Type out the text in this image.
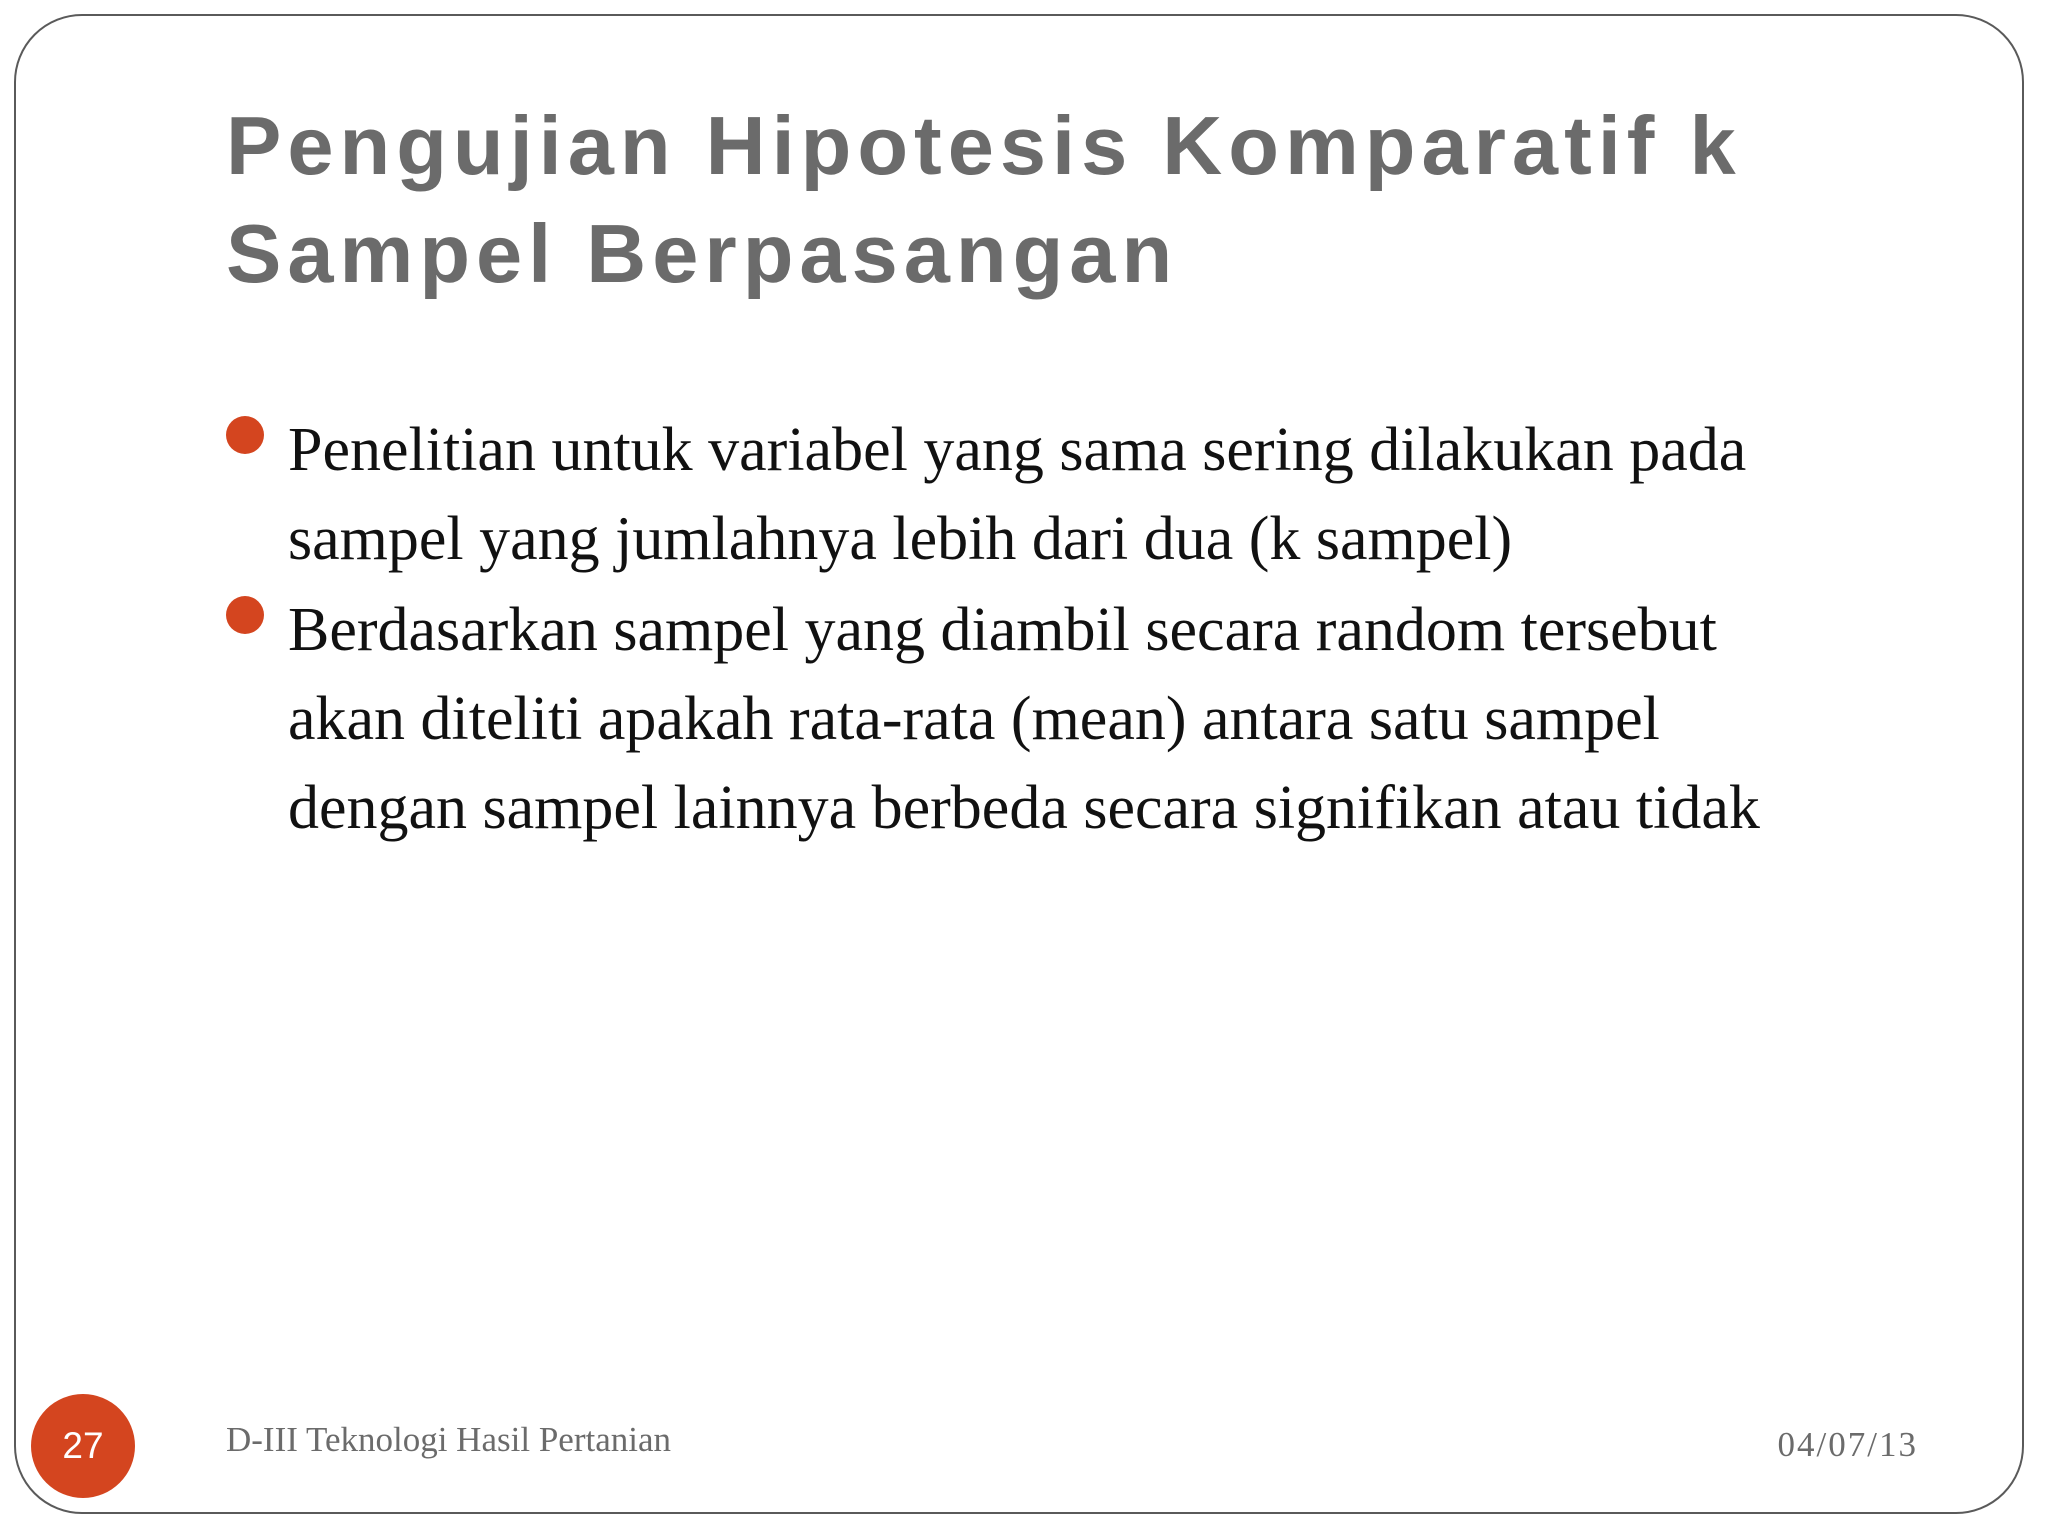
Pengujian Hipotesis Komparatif k
Sampel Berpasangan
Penelitian untuk variabel yang sama sering dilakukan pada
sampel yang jumlahnya lebih dari dua (k sampel)
Berdasarkan sampel yang diambil secara random tersebut
akan diteliti apakah rata-rata (mean) antara satu sampel
dengan sampel lainnya berbeda secara signifikan atau tidak
27	D-III Teknologi Hasil Pertanian	04/07/13
